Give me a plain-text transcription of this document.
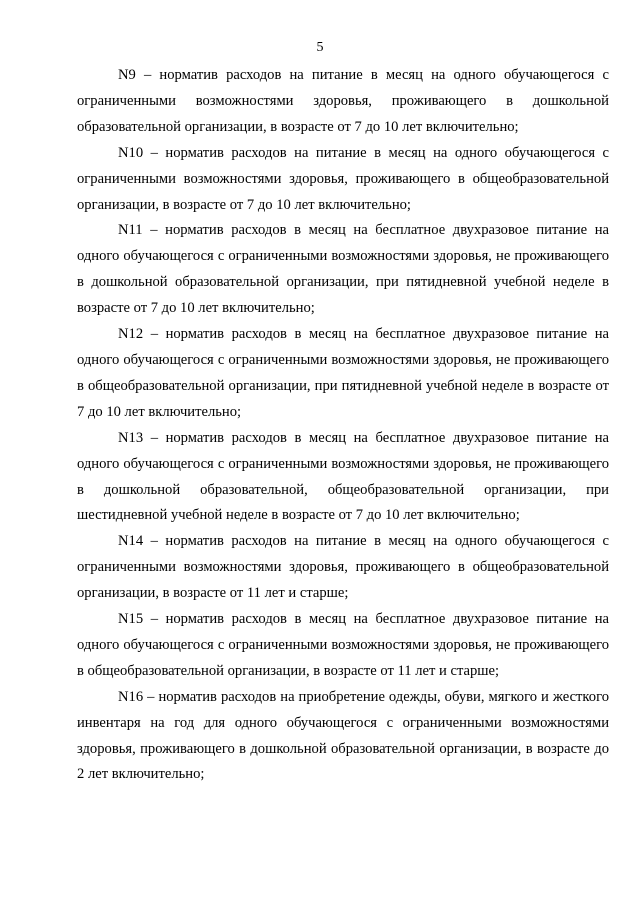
5

N9 – норматив расходов на питание в месяц на одного обучающегося с ограниченными возможностями здоровья, проживающего в дошкольной образовательной организации, в возрасте от 7 до 10 лет включительно;

N10 – норматив расходов на питание в месяц на одного обучающегося с ограниченными возможностями здоровья, проживающего в общеобразовательной организации, в возрасте от 7 до 10 лет включительно;

N11 – норматив расходов в месяц на бесплатное двухразовое питание на одного обучающегося с ограниченными возможностями здоровья, не проживающего в дошкольной образовательной организации, при пятидневной учебной неделе в возрасте от 7 до 10 лет включительно;

N12 – норматив расходов в месяц на бесплатное двухразовое питание на одного обучающегося с ограниченными возможностями здоровья, не проживающего в общеобразовательной организации, при пятидневной учебной неделе в возрасте от 7 до 10 лет включительно;

N13 – норматив расходов в месяц на бесплатное двухразовое питание на одного обучающегося с ограниченными возможностями здоровья, не проживающего в дошкольной образовательной, общеобразовательной организации, при шестидневной учебной неделе в возрасте от 7 до 10 лет включительно;

N14 – норматив расходов на питание в месяц на одного обучающегося с ограниченными возможностями здоровья, проживающего в общеобразовательной организации, в возрасте от 11 лет и старше;

N15 – норматив расходов в месяц на бесплатное двухразовое питание на одного обучающегося с ограниченными возможностями здоровья, не проживающего в общеобразовательной организации, в возрасте от 11 лет и старше;

N16 – норматив расходов на приобретение одежды, обуви, мягкого и жесткого инвентаря на год для одного обучающегося с ограниченными возможностями здоровья, проживающего в дошкольной образовательной организации, в возрасте до 2 лет включительно;
